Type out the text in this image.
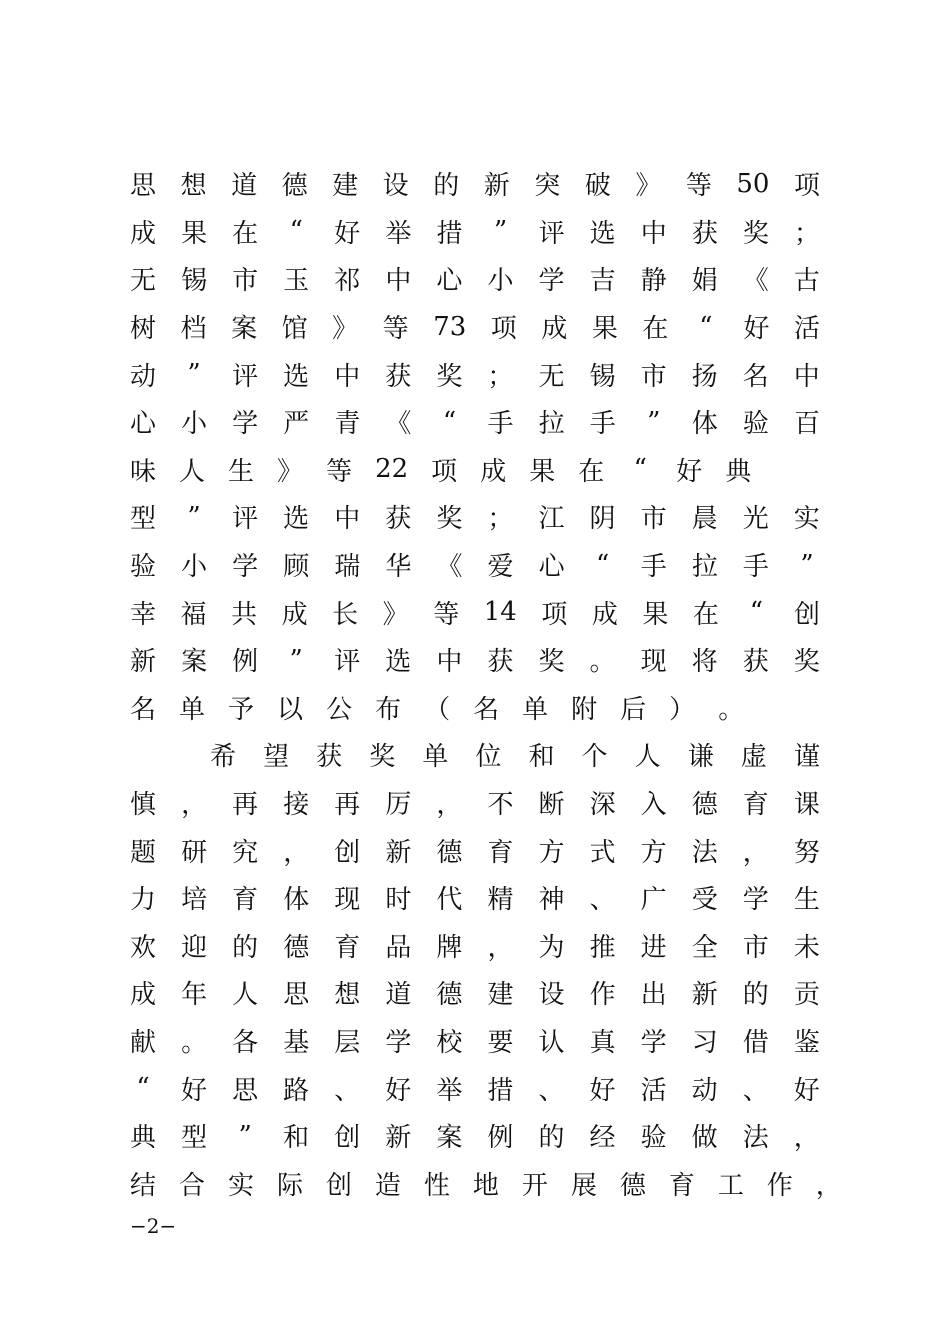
思 想 道 德 建 设 的 新 突 破 》 等 50 项
成 果 在 “ 好 举 措 ” 评 选 中 获 奖 ；
无 锡 市 玉 祁 中 心 小 学 吉 静 娟 《 古
树 档 案 馆 》 等 73 项 成 果 在 “ 好 活
动 ” 评 选 中 获 奖 ； 无 锡 市 扬 名 中
心 小 学 严 青 《 “ 手 拉 手 ” 体 验 百
味 人 生 》 等 22 项 成 果 在 “ 好 典
型 ” 评 选 中 获 奖 ； 江 阴 市 晨 光 实
验 小 学 顾 瑞 华 《 爱 心 “ 手 拉 手 ”
幸 福 共 成 长 》 等 14 项 成 果 在 “ 创
新 案 例 ” 评 选 中 获 奖 。 现 将 获 奖
名 单 予 以 公 布 （ 名 单 附 后 ） 。
希 望 获 奖 单 位 和 个 人 谦 虚 谨
慎 ， 再 接 再 厉 ， 不 断 深 入 德 育 课
题 研 究 ， 创 新 德 育 方 式 方 法 ， 努
力 培 育 体 现 时 代 精 神 、 广 受 学 生
欢 迎 的 德 育 品 牌 ， 为 推 进 全 市 未
成 年 人 思 想 道 德 建 设 作 出 新 的 贡
献 。 各 基 层 学 校 要 认 真 学 习 借 鉴
“ 好 思 路 、 好 举 措 、 好 活 动 、 好
典 型 ” 和 创 新 案 例 的 经 验 做 法 ，
结 合 实 际 创 造 性 地 开 展 德 育 工 作 ，
−2−
